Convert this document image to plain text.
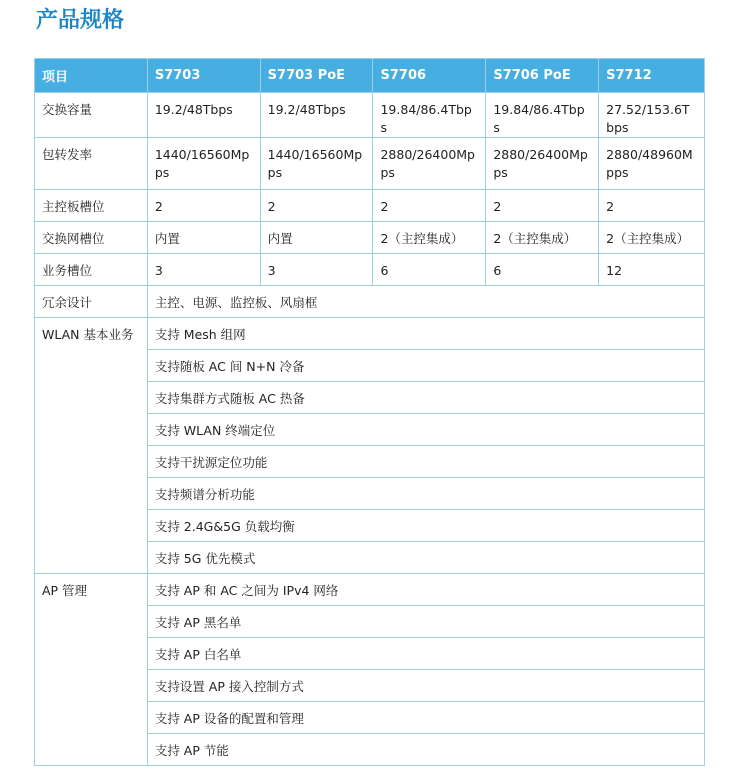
产品规格
项目	S7703	S7703 PoE	S7706	S7706 PoE	S7712
交换容量	19.2/48Tbps	19.2/48Tbps	19.84/86.4Tbps	19.84/86.4Tbps	27.52/153.6Tbps
包转发率	1440/16560Mpps	1440/16560Mpps	2880/26400Mpps	2880/26400Mpps	2880/48960Mpps
主控板槽位	2	2	2	2	2
交换网槽位	内置	内置	2（主控集成）	2（主控集成）	2（主控集成）
业务槽位	3	3	6	6	12
冗余设计	主控、电源、监控板、风扇框				
WLAN 基本业务	支持 Mesh 组网				
	支持随板 AC 间 N+N 冷备				
	支持集群方式随板 AC 热备				
	支持 WLAN 终端定位				
	支持干扰源定位功能				
	支持频谱分析功能				
	支持 2.4G&5G 负载均衡				
	支持 5G 优先模式				
AP 管理	支持 AP 和 AC 之间为 IPv4 网络				
	支持 AP 黑名单				
	支持 AP 白名单				
	支持设置 AP 接入控制方式				
	支持 AP 设备的配置和管理				
	支持 AP 节能				
